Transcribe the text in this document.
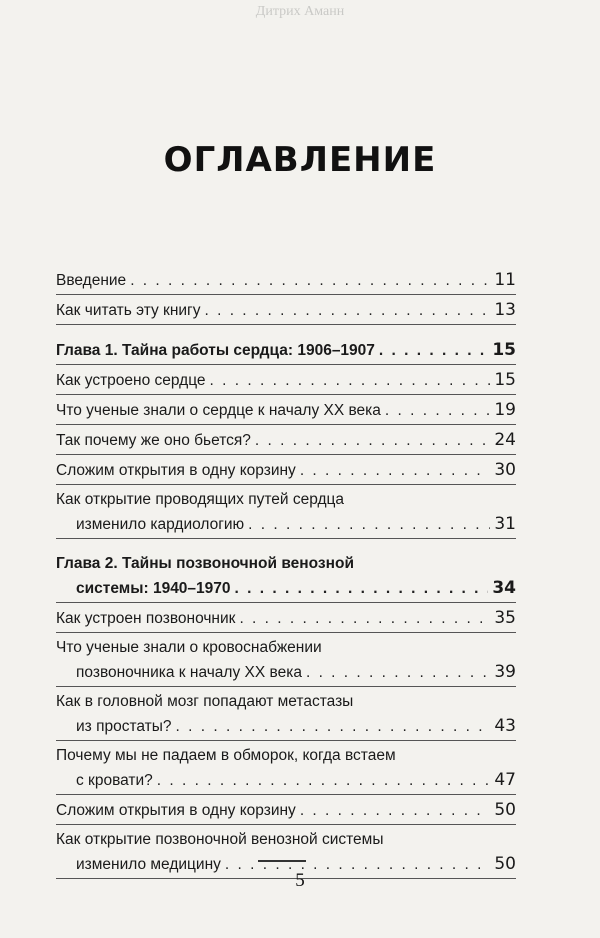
Дитрих Аманн
ОГЛАВЛЕНИЕ
Введение . . .	11
Как читать эту книгу . . .	13
Глава 1. Тайна работы сердца: 1906–1907 . . .	15
Как устроено сердце . . .	15
Что ученые знали о сердце к началу XX века . . .	19
Так почему же оно бьется? . . .	24
Сложим открытия в одну корзину . . .	30
Как открытие проводящих путей сердца
изменило кардиологию . . .	31
Глава 2. Тайны позвоночной венозной
системы: 1940–1970 . . .	34
Как устроен позвоночник . . .	35
Что ученые знали о кровоснабжении
позвоночника к началу XX века . . .	39
Как в головной мозг попадают метастазы
из простаты? . . .	43
Почему мы не падаем в обморок, когда встаем
с кровати? . . .	47
Сложим открытия в одну корзину . . .	50
Как открытие позвоночной венозной системы
изменило медицину . . .	50
5
